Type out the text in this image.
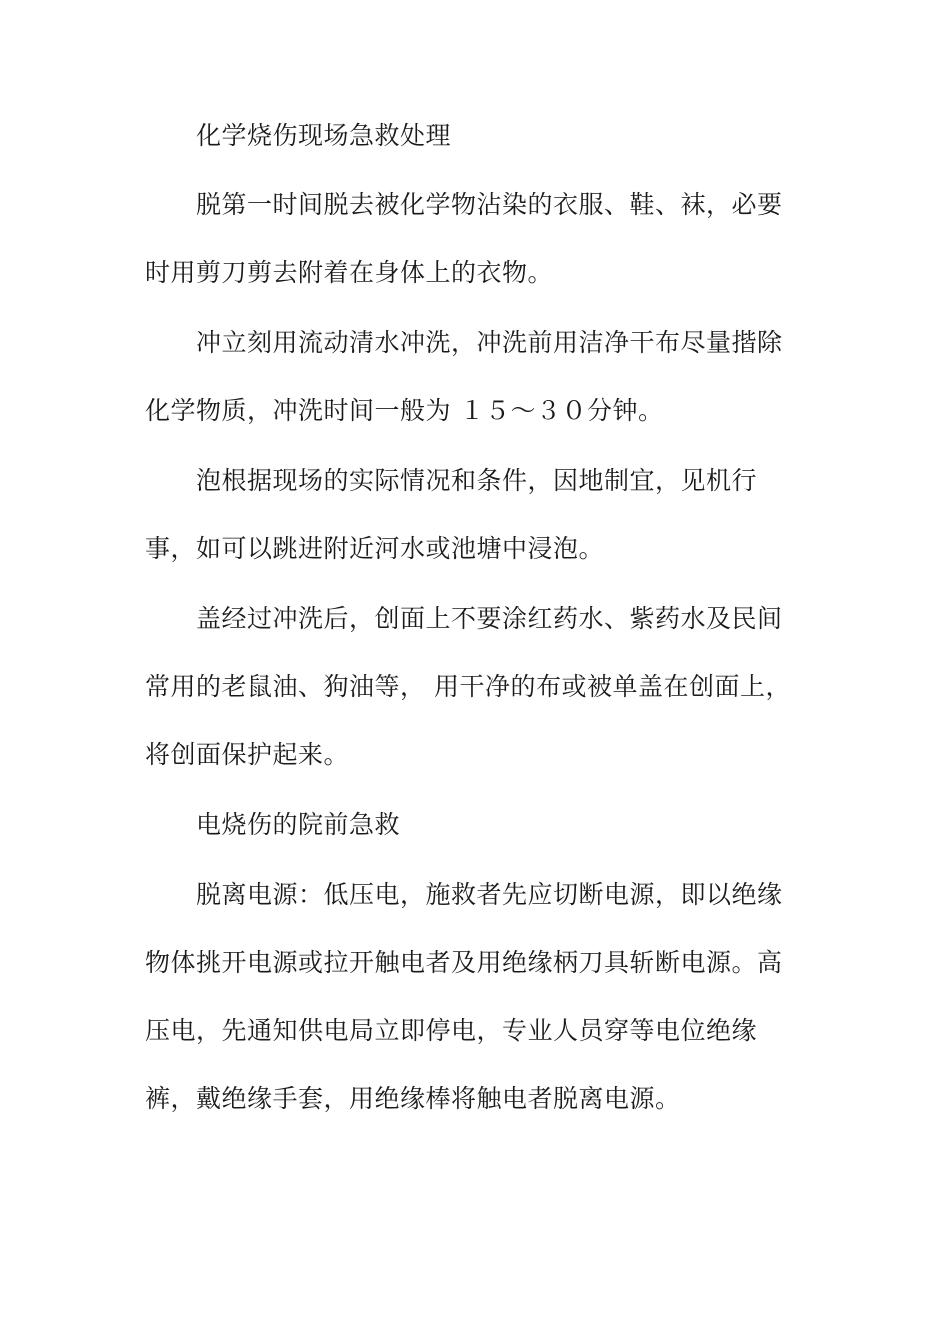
化学烧伤现场急救处理
脱第一时间脱去被化学物沾染的衣服、鞋、袜，必要
时用剪刀剪去附着在身体上的衣物。
冲立刻用流动清水冲洗，冲洗前用洁净干布尽量揩除
化学物质，冲洗时间一般为 １５～３０分钟。
泡根据现场的实际情况和条件，因地制宜，见机行
事，如可以跳进附近河水或池塘中浸泡。
盖经过冲洗后，创面上不要涂红药水、紫药水及民间
常用的老鼠油、狗油等， 用干净的布或被单盖在创面上，
将创面保护起来。
电烧伤的院前急救
脱离电源：低压电，施救者先应切断电源，即以绝缘
物体挑开电源或拉开触电者及用绝缘柄刀具斩断电源。高
压电，先通知供电局立即停电，专业人员穿等电位绝缘
裤，戴绝缘手套，用绝缘棒将触电者脱离电源。
